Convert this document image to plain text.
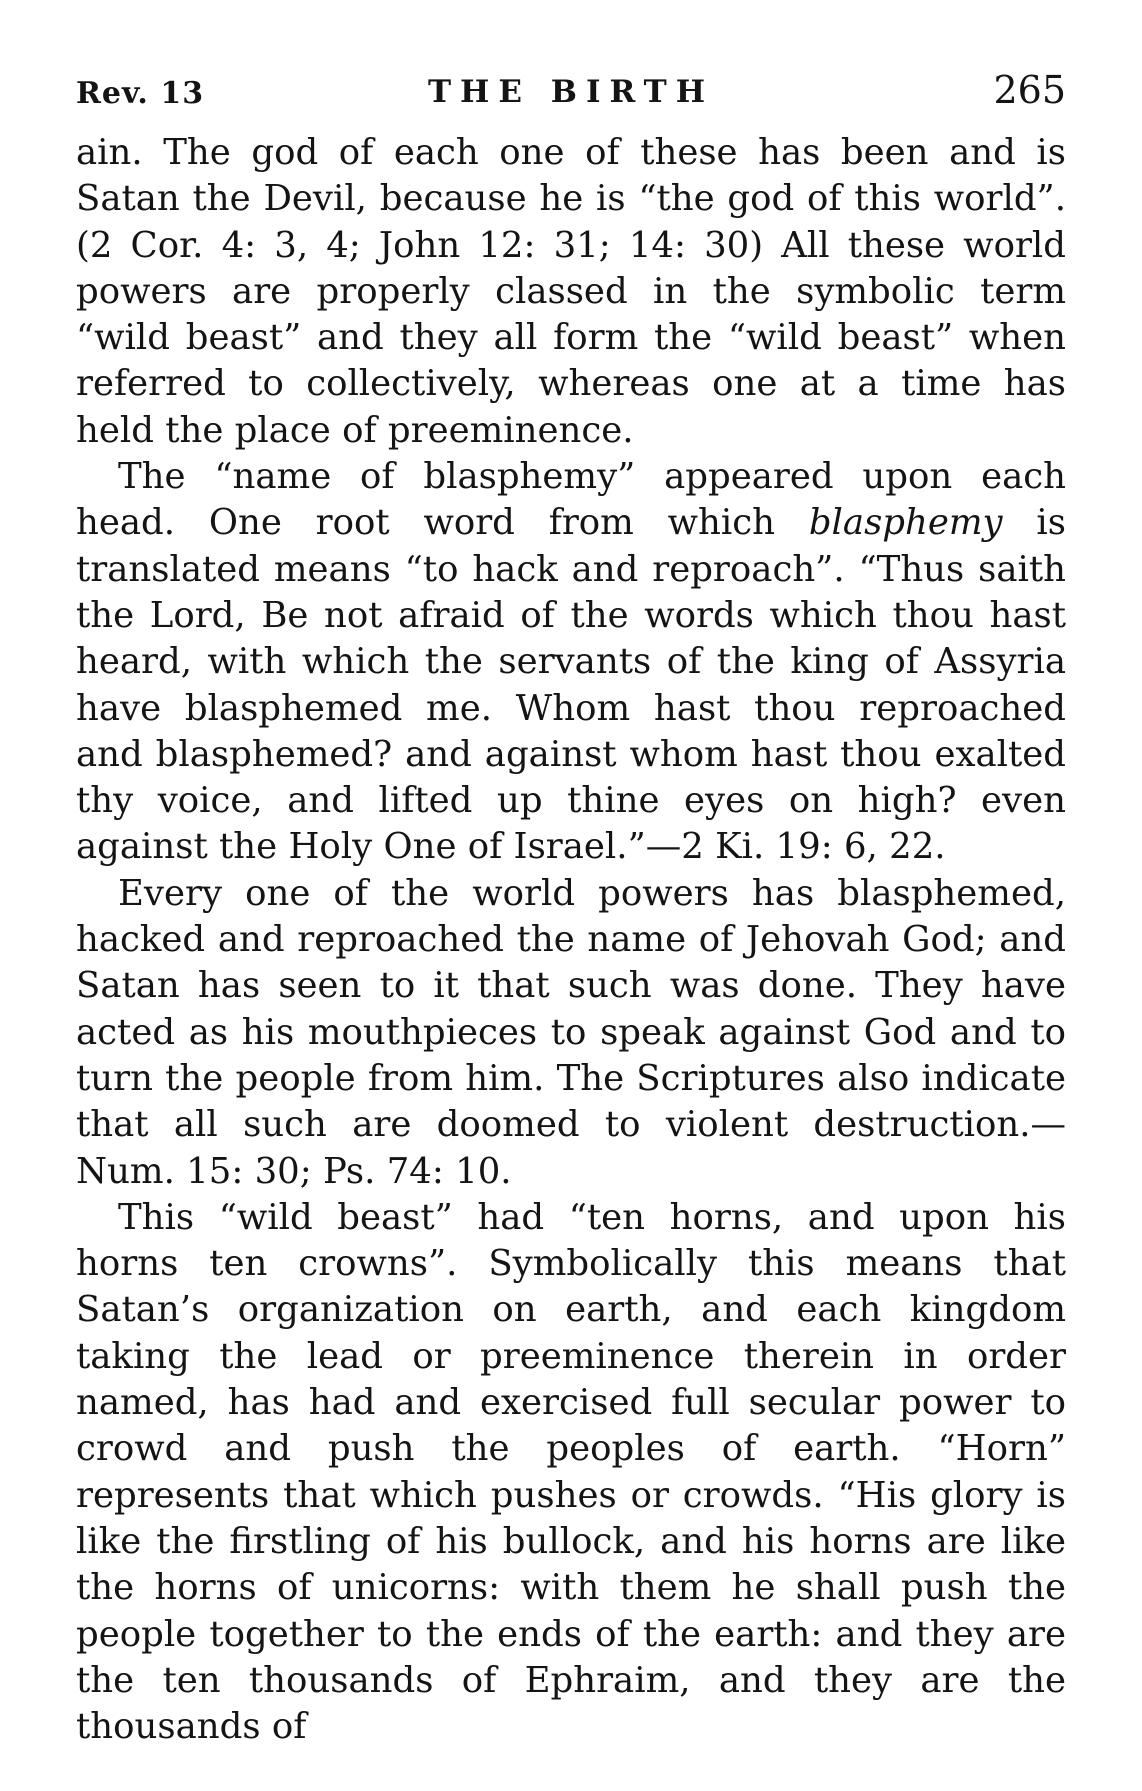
Rev. 13	THE BIRTH	265

ain. The god of each one of these has been and is Satan the Devil, because he is “the god of this world”. (2 Cor. 4: 3, 4; John 12: 31; 14: 30) All these world powers are properly classed in the symbolic term “wild beast” and they all form the “wild beast” when referred to collectively, whereas one at a time has held the place of preeminence.

The “name of blasphemy” appeared upon each head. One root word from which blasphemy is translated means “to hack and reproach”. “Thus saith the Lord, Be not afraid of the words which thou hast heard, with which the servants of the king of Assyria have blasphemed me. Whom hast thou reproached and blasphemed? and against whom hast thou exalted thy voice, and lifted up thine eyes on high? even against the Holy One of Israel.”—2 Ki. 19: 6, 22.

Every one of the world powers has blasphemed, hacked and reproached the name of Jehovah God; and Satan has seen to it that such was done. They have acted as his mouthpieces to speak against God and to turn the people from him. The Scriptures also indicate that all such are doomed to violent destruction.—Num. 15: 30; Ps. 74: 10.

This “wild beast” had “ten horns, and upon his horns ten crowns”. Symbolically this means that Satan’s organization on earth, and each kingdom taking the lead or preeminence therein in order named, has had and exercised full secular power to crowd and push the peoples of earth. “Horn” represents that which pushes or crowds. “His glory is like the firstling of his bullock, and his horns are like the horns of unicorns: with them he shall push the people together to the ends of the earth: and they are the ten thousands of Ephraim, and they are the thousands of
